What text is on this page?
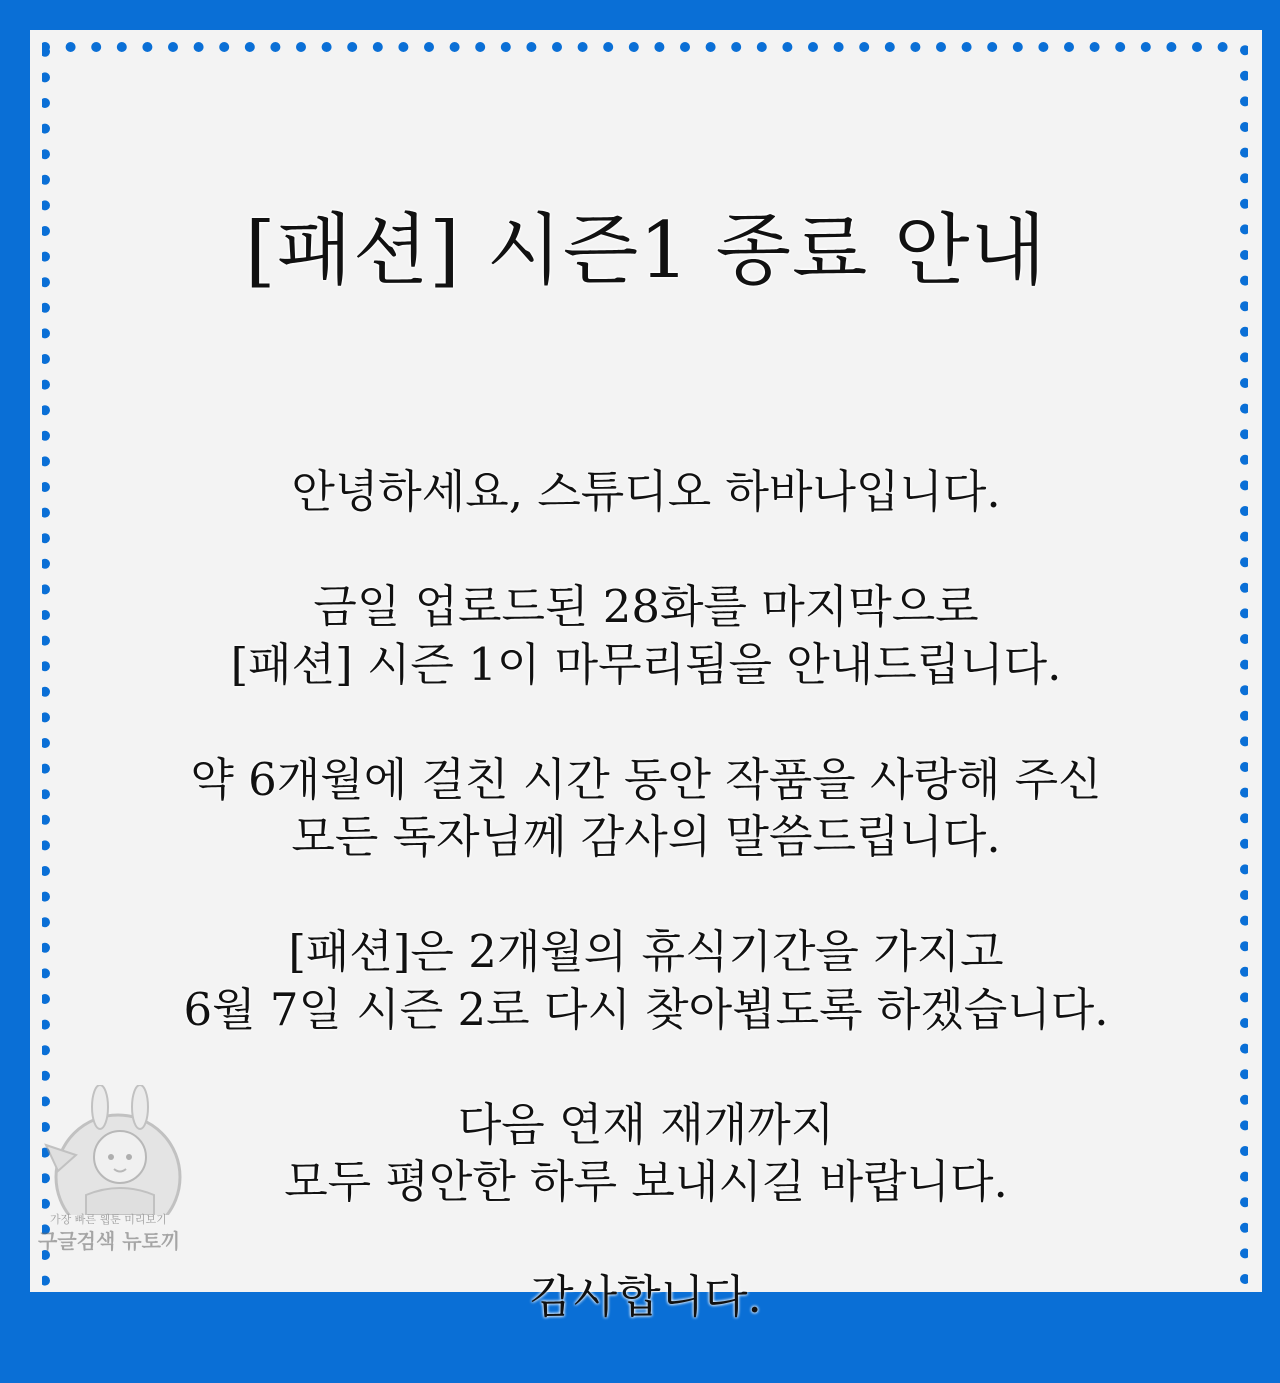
[패션] 시즌1 종료 안내

안녕하세요, 스튜디오 하바나입니다.

금일 업로드된 28화를 마지막으로
[패션] 시즌 1이 마무리됨을 안내드립니다.

약 6개월에 걸친 시간 동안 작품을 사랑해 주신
모든 독자님께 감사의 말씀드립니다.

[패션]은 2개월의 휴식기간을 가지고
6월 7일 시즌 2로 다시 찾아뵙도록 하겠습니다.

다음 연재 재개까지
모두 평안한 하루 보내시길 바랍니다.

감사합니다.

가장 빠른 웹툰 미리보기
구글검색 뉴토끼
